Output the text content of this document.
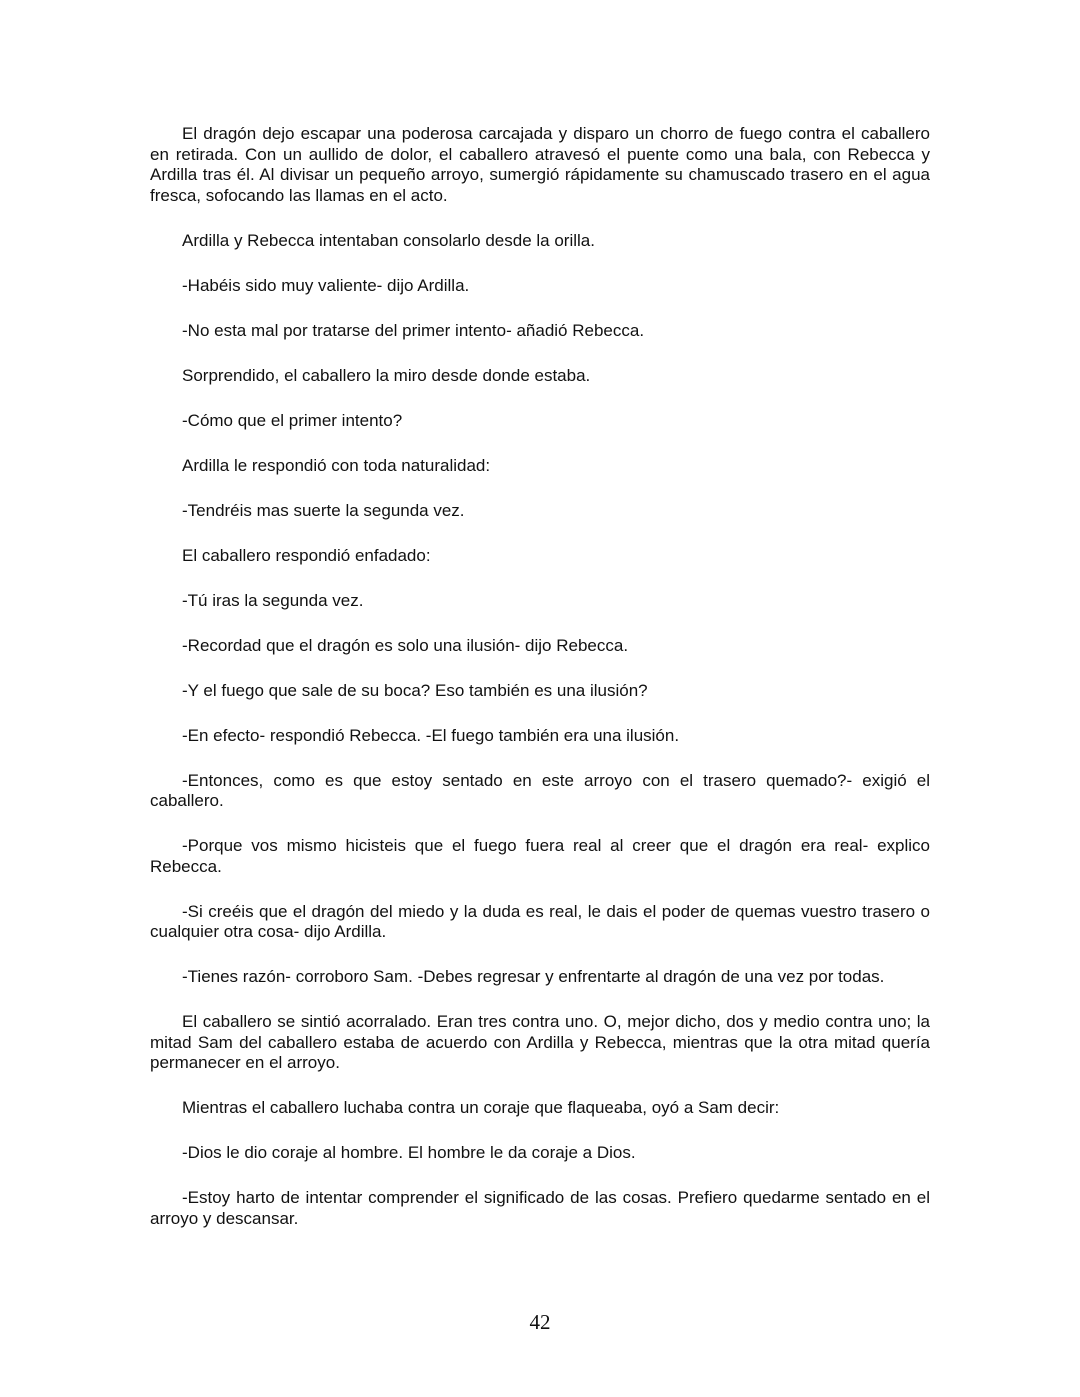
El dragón dejo escapar una poderosa carcajada y disparo un chorro de fuego contra el caballero en retirada. Con un aullido de dolor, el caballero atravesó el puente como una bala, con Rebecca y Ardilla tras él. Al divisar un pequeño arroyo, sumergió rápidamente su chamuscado trasero en el agua fresca, sofocando las llamas en el acto.

Ardilla y Rebecca intentaban consolarlo desde la orilla.

-Habéis sido muy valiente- dijo Ardilla.

-No esta mal por tratarse del primer intento- añadió Rebecca.

Sorprendido, el caballero la miro desde donde estaba.

-Cómo que el primer intento?

Ardilla le respondió con toda naturalidad:

-Tendréis mas suerte la segunda vez.

El caballero respondió enfadado:

-Tú iras la segunda vez.

-Recordad que el dragón es solo una ilusión- dijo Rebecca.

-Y el fuego que sale de su boca? Eso también es una ilusión?

-En efecto- respondió Rebecca. -El fuego también era una ilusión.

-Entonces, como es que estoy sentado en este arroyo con el trasero quemado?- exigió el caballero.

-Porque vos mismo hicisteis que el fuego fuera real al creer que el dragón era real- explico Rebecca.

-Si creéis que el dragón del miedo y la duda es real, le dais el poder de quemas vuestro trasero o cualquier otra cosa- dijo Ardilla.

-Tienes razón- corroboro Sam. -Debes regresar y enfrentarte al dragón de una vez por todas.

El caballero se sintió acorralado. Eran tres contra uno. O, mejor dicho, dos y medio contra uno; la mitad Sam del caballero estaba de acuerdo con Ardilla y Rebecca, mientras que la otra mitad quería permanecer en el arroyo.

Mientras el caballero luchaba contra un coraje que flaqueaba, oyó a Sam decir:

-Dios le dio coraje al hombre. El hombre le da coraje a Dios.

-Estoy harto de intentar comprender el significado de las cosas. Prefiero quedarme sentado en el arroyo y descansar.

42
